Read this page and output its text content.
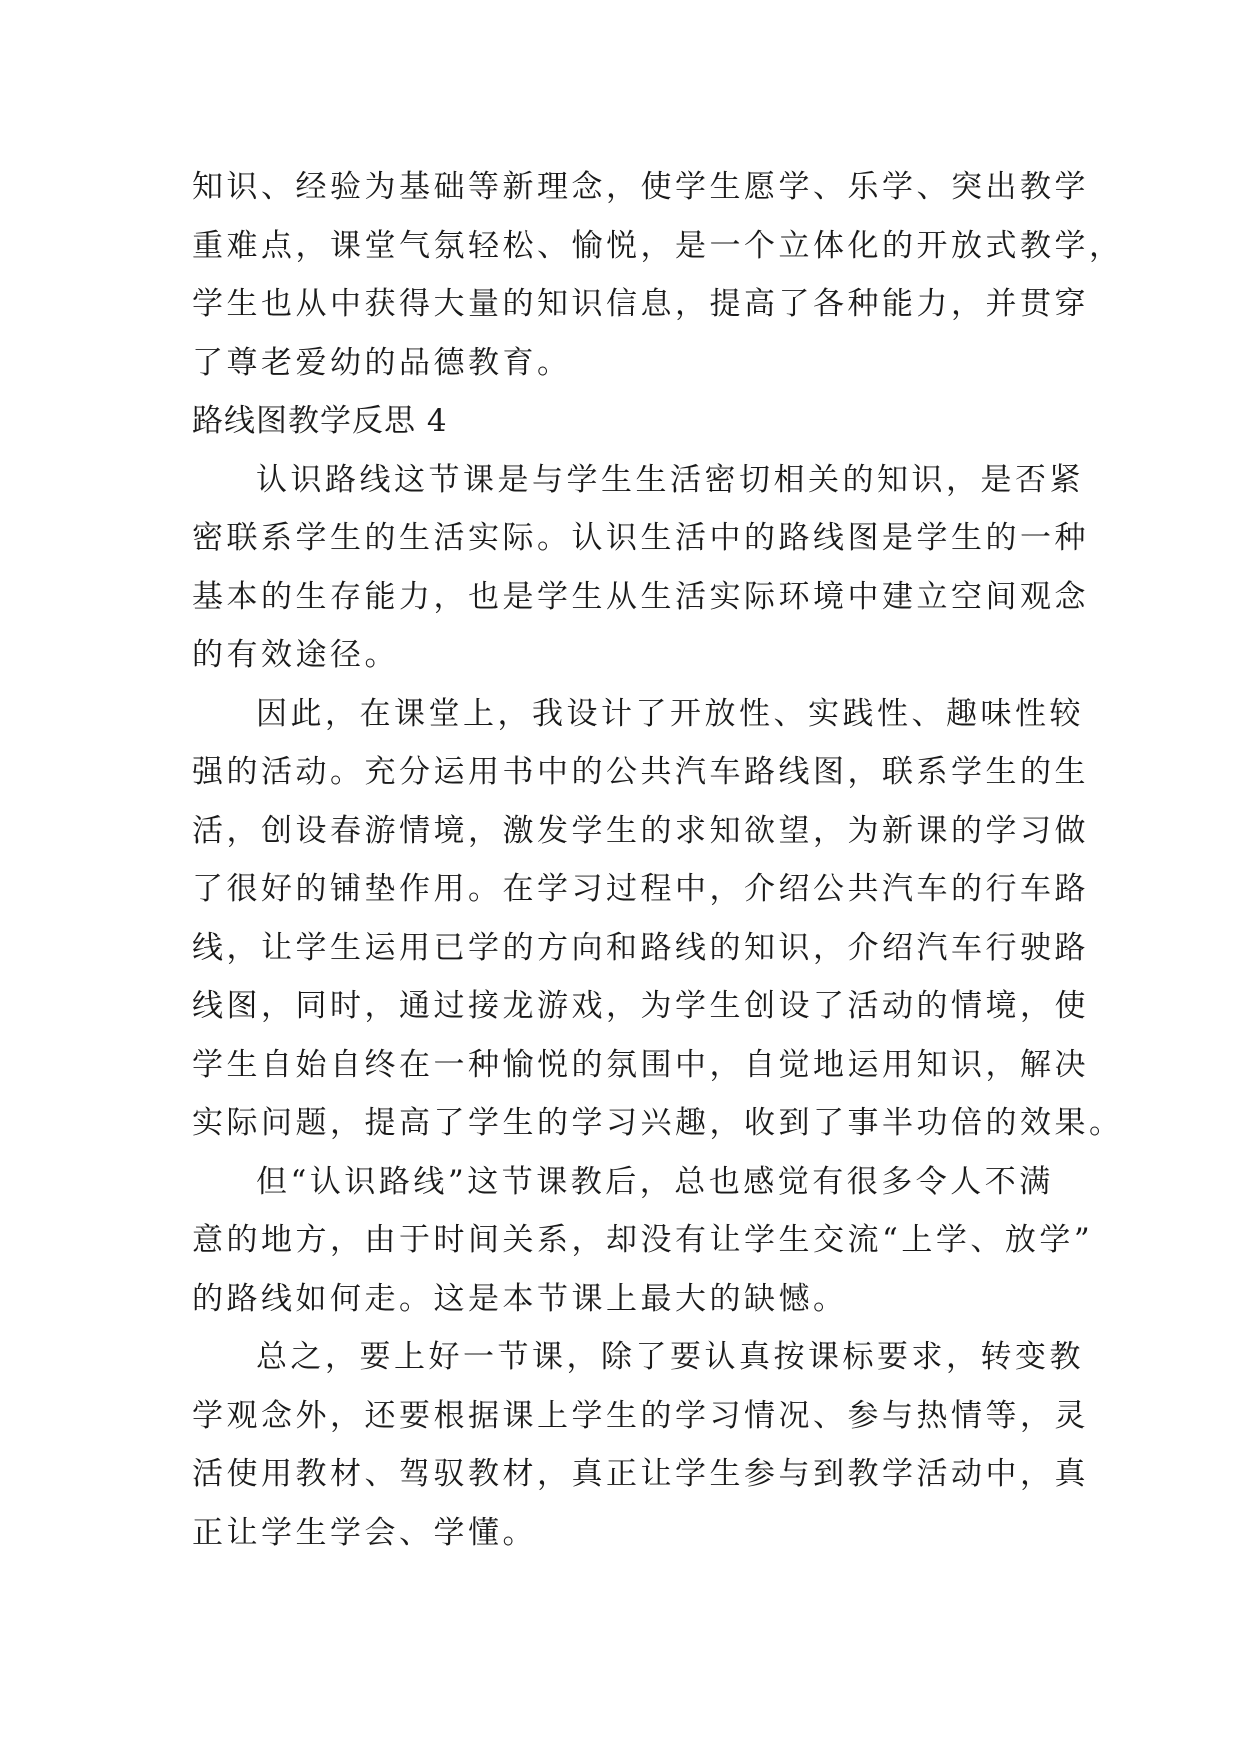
知识、经验为基础等新理念，使学生愿学、乐学、突出教学
重难点，课堂气氛轻松、愉悦，是一个立体化的开放式教学，
学生也从中获得大量的知识信息，提高了各种能力，并贯穿
了尊老爱幼的品德教育。
路线图教学反思 4
认识路线这节课是与学生生活密切相关的知识，是否紧
密联系学生的生活实际。认识生活中的路线图是学生的一种
基本的生存能力，也是学生从生活实际环境中建立空间观念
的有效途径。
因此，在课堂上，我设计了开放性、实践性、趣味性较
强的活动。充分运用书中的公共汽车路线图，联系学生的生
活，创设春游情境，激发学生的求知欲望，为新课的学习做
了很好的铺垫作用。在学习过程中，介绍公共汽车的行车路
线，让学生运用已学的方向和路线的知识，介绍汽车行驶路
线图，同时，通过接龙游戏，为学生创设了活动的情境，使
学生自始自终在一种愉悦的氛围中，自觉地运用知识，解决
实际问题，提高了学生的学习兴趣，收到了事半功倍的效果。
但“认识路线”这节课教后，总也感觉有很多令人不满
意的地方，由于时间关系，却没有让学生交流“上学、放学”
的路线如何走。这是本节课上最大的缺憾。
总之，要上好一节课，除了要认真按课标要求，转变教
学观念外，还要根据课上学生的学习情况、参与热情等，灵
活使用教材、驾驭教材，真正让学生参与到教学活动中，真
正让学生学会、学懂。
